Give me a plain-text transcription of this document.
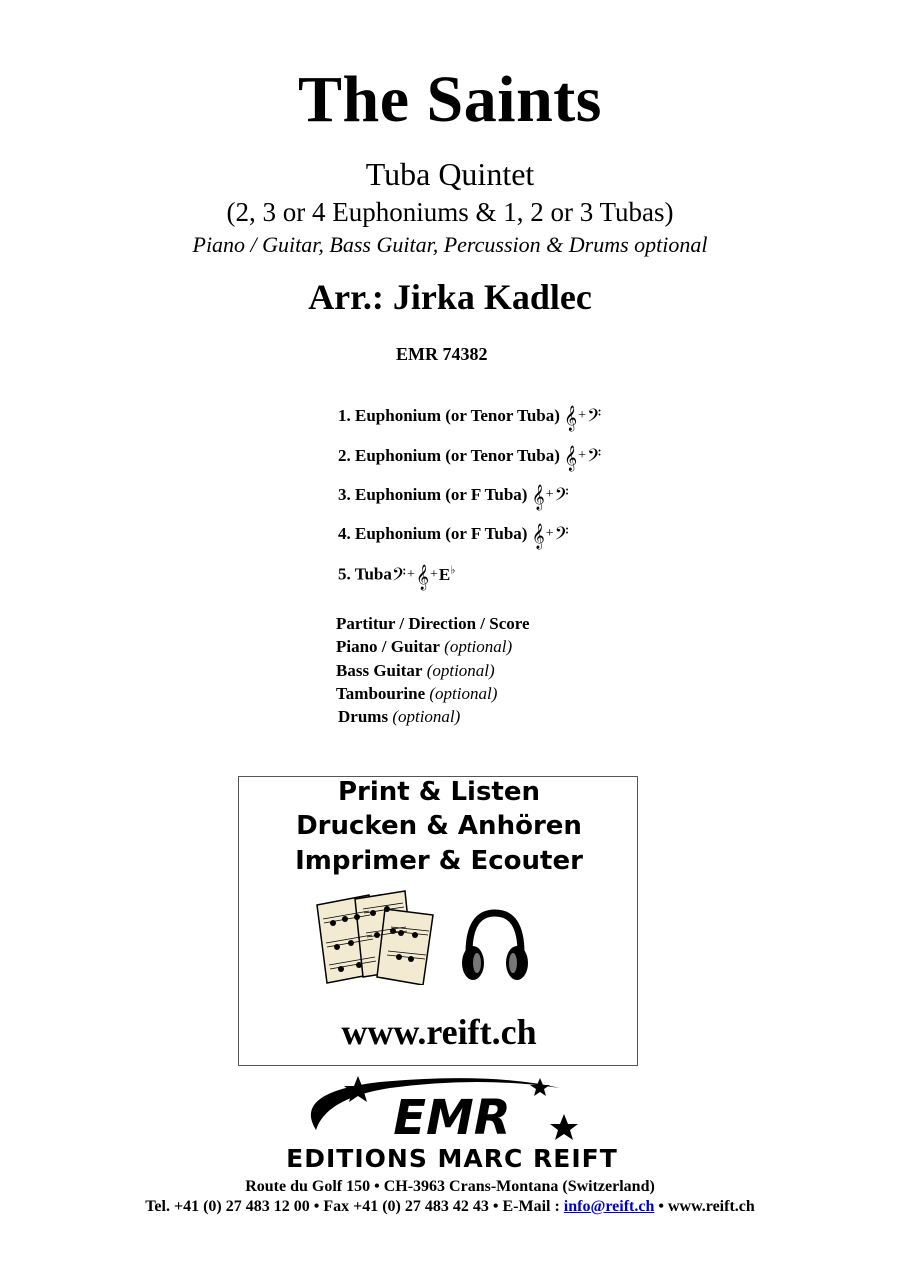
The Saints
Tuba Quintet
(2, 3 or 4 Euphoniums & 1, 2 or 3 Tubas)
Piano / Guitar, Bass Guitar, Percussion & Drums optional
Arr.: Jirka Kadlec
EMR 74382
1. Euphonium (or Tenor Tuba) 𝄞+𝄢
2. Euphonium (or Tenor Tuba) 𝄞+𝄢
3. Euphonium (or F Tuba) 𝄞+𝄢
4. Euphonium (or F Tuba) 𝄞+𝄢
5. Tuba𝄢+𝄞+E♭
Partitur / Direction / Score
Piano / Guitar (optional)
Bass Guitar (optional)
Tambourine (optional)
Drums (optional)
Print & Listen
Drucken & Anhören
Imprimer & Ecouter
www.reift.ch
EMR
EDITIONS MARC REIFT
Route du Golf 150 • CH-3963 Crans-Montana (Switzerland)
Tel. +41 (0) 27 483 12 00 • Fax +41 (0) 27 483 42 43 • E-Mail : info@reift.ch • www.reift.ch
